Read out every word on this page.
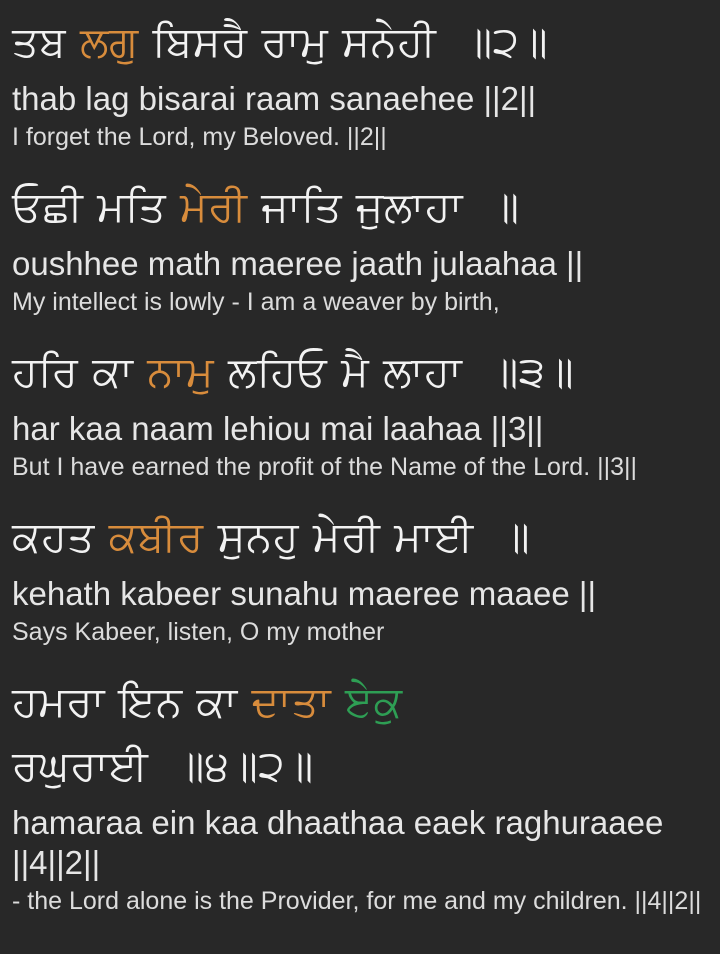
ਤਬ ਲਗੁ ਬਿਸਰੈ ਰਾਮੁ ਸਨੇਹੀ  ॥੨॥
thab lag bisarai raam sanaehee ||2||
I forget the Lord, my Beloved. ||2||
ਓਛੀ ਮਤਿ ਮੇਰੀ ਜਾਤਿ ਜੁਲਾਹਾ  ॥
oushhee math maeree jaath julaahaa ||
My intellect is lowly - I am a weaver by birth,
ਹਰਿ ਕਾ ਨਾਮੁ ਲਹਿਓ ਮੈ ਲਾਹਾ  ॥੩॥
har kaa naam lehiou mai laahaa ||3||
But I have earned the profit of the Name of the Lord. ||3||
ਕਹਤ ਕਬੀਰ ਸੁਨਹੁ ਮੇਰੀ ਮਾਈ  ॥
kehath kabeer sunahu maeree maaee ||
Says Kabeer, listen, O my mother
ਹਮਰਾ ਇਨ ਕਾ ਦਾਤਾ ਏਕੁ
ਰਘੁਰਾਈ  ॥੪॥੨॥
hamaraa ein kaa dhaathaa eaek raghuraaee ||4||2||
- the Lord alone is the Provider, for me and my children. ||4||2||
